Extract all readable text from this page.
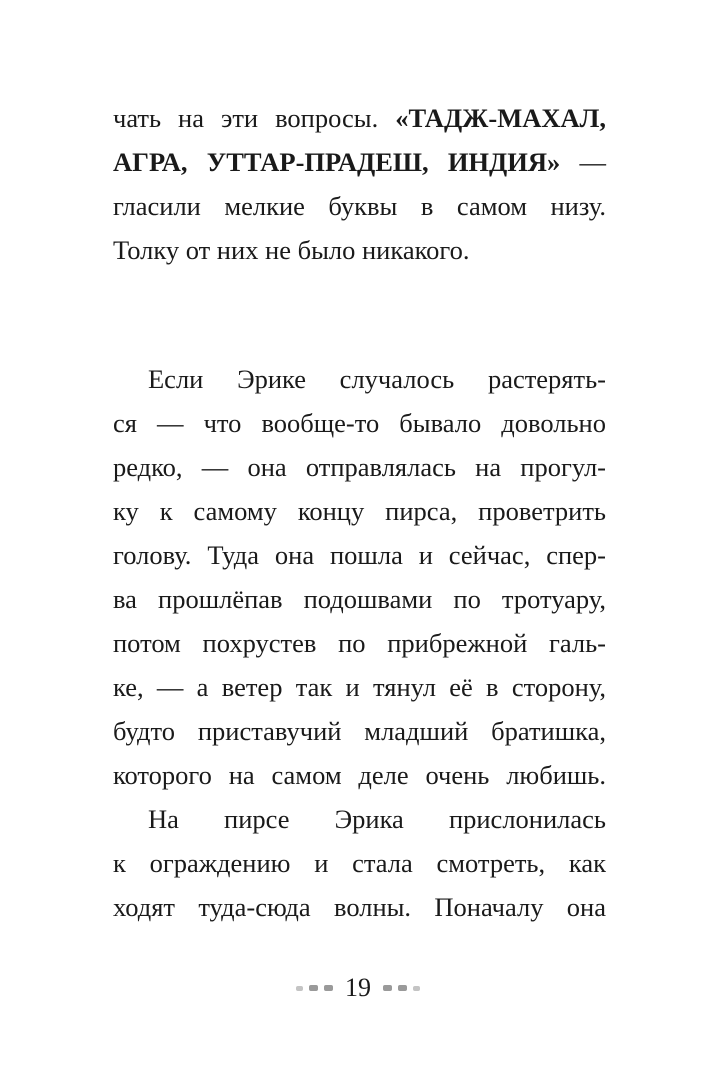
чать на эти вопросы. «ТАДЖ-МАХАЛ,
АГРА, УТТАР-ПРАДЕШ, ИНДИЯ» —
гласили мелкие буквы в самом низу.
Толку от них не было никакого.
Если Эрике случалось растерять-
ся — что вообще-то бывало довольно
редко, — она отправлялась на прогул-
ку к самому концу пирса, проветрить
голову. Туда она пошла и сейчас, спер-
ва прошлёпав подошвами по тротуару,
потом похрустев по прибрежной галь-
ке, — а ветер так и тянул её в сторону,
будто приставучий младший братишка,
которого на самом деле очень любишь.
На пирсе Эрика прислонилась
к ограждению и стала смотреть, как
ходят туда-сюда волны. Поначалу она
19
